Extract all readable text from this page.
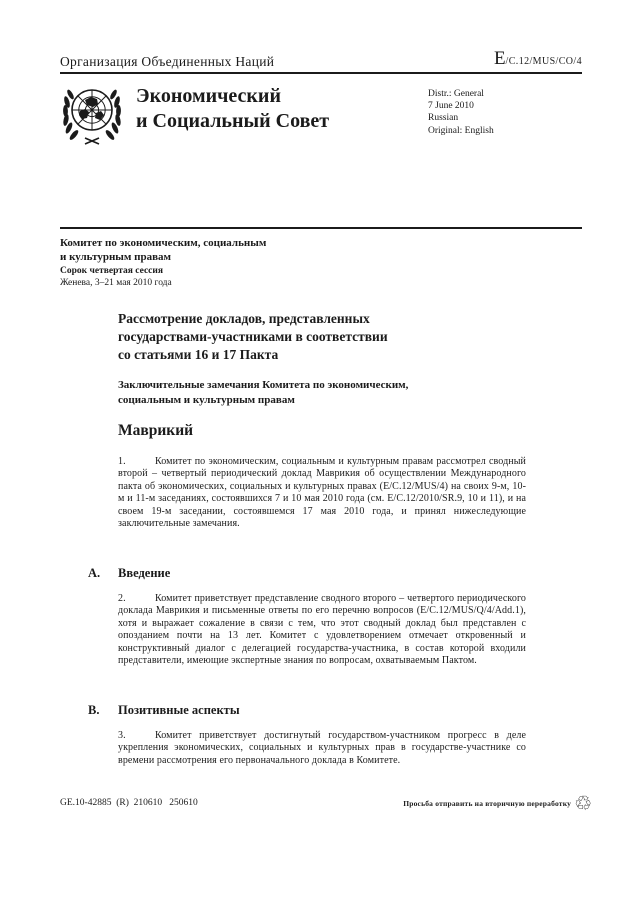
Организация Объединенных Наций	E/C.12/MUS/CO/4
Экономический
и Социальный Совет
Distr.: General
7 June 2010
Russian
Original: English
Комитет по экономическим, социальным
и культурным правам
Сорок четвертая сессия
Женева, 3–21 мая 2010 года
Рассмотрение докладов, представленных
государствами-участниками в соответствии
со статьями 16 и 17 Пакта
Заключительные замечания Комитета по экономическим,
социальным и культурным правам
Маврикий
1.	Комитет по экономическим, социальным и культурным правам рассмотрел сводный второй – четвертый периодический доклад Маврикия об осуществлении Международного пакта об экономических, социальных и культурных правах (E/C.12/MUS/4) на своих 9-м, 10-м и 11-м заседаниях, состоявшихся 7 и 10 мая 2010 года (см. E/C.12/2010/SR.9, 10 и 11), и на своем 19-м заседании, состоявшемся 17 мая 2010 года, и принял нижеследующие заключительные замечания.
A. Введение
2.	Комитет приветствует представление сводного второго – четвертого периодического доклада Маврикия и письменные ответы по его перечню вопросов (E/C.12/MUS/Q/4/Add.1), хотя и выражает сожаление в связи с тем, что этот сводный доклад был представлен с опозданием почти на 13 лет. Комитет с удовлетворением отмечает откровенный и конструктивный диалог с делегацией государства-участника, в состав которой входили представители, имеющие экспертные знания по вопросам, охватываемым Пактом.
B. Позитивные аспекты
3.	Комитет приветствует достигнутый государством-участником прогресс в деле укрепления экономических, социальных и культурных прав в государстве-участнике со времени рассмотрения его первоначального доклада в Комитете.
GE.10-42885  (R)  210610   250610	Просьба отправить на вторичную переработку ♲
